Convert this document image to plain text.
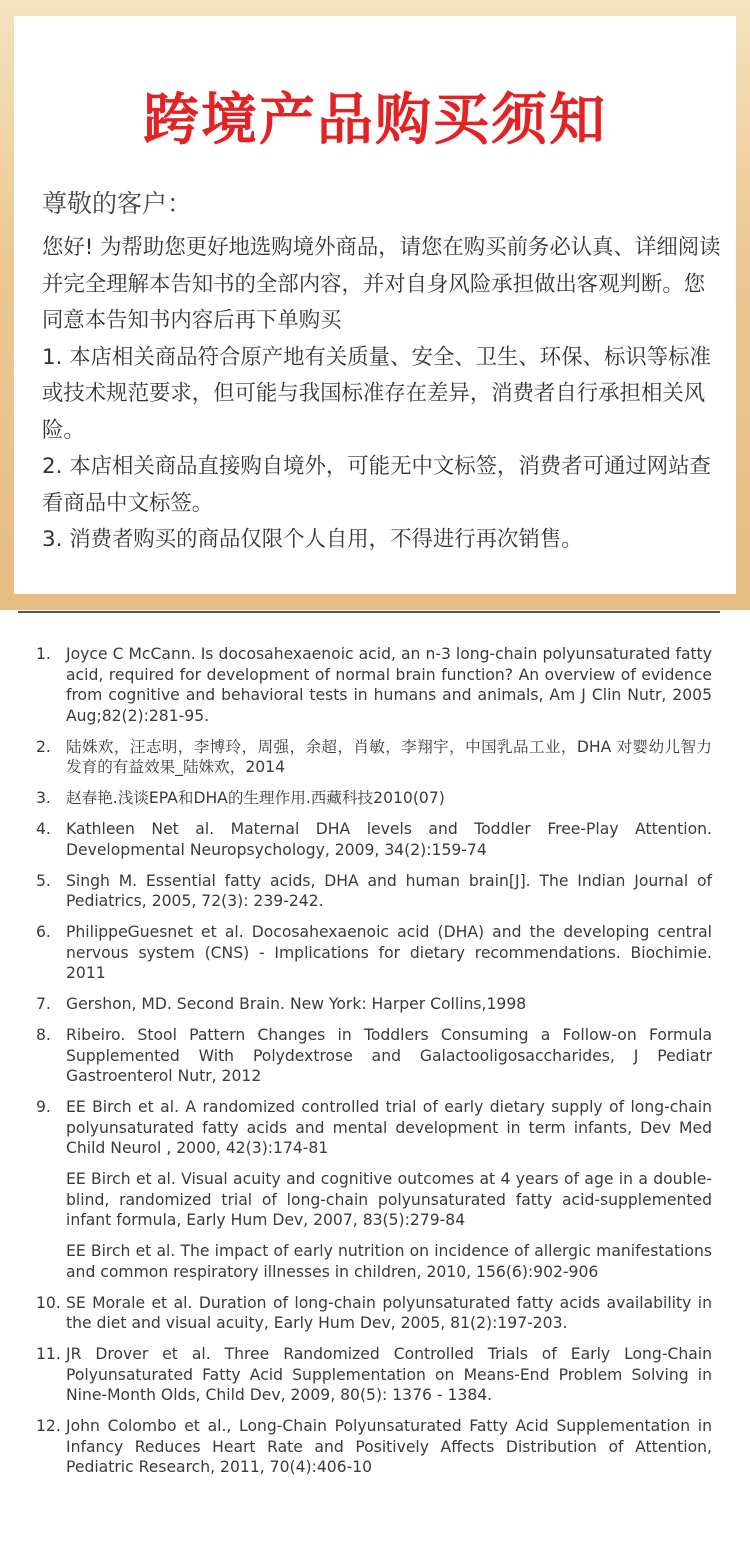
跨境产品购买须知
尊敬的客户：

您好! 为帮助您更好地选购境外商品，请您在购买前务必认真、详细阅读并完全理解本告知书的全部内容，并对自身风险承担做出客观判断。您同意本告知书内容后再下单购买

1. 本店相关商品符合原产地有关质量、安全、卫生、环保、标识等标准或技术规范要求，但可能与我国标准存在差异，消费者自行承担相关风险。

2. 本店相关商品直接购自境外，可能无中文标签，消费者可通过网站查看商品中文标签。

3. 消费者购买的商品仅限个人自用，不得进行再次销售。

1. Joyce C McCann. Is docosahexaenoic acid, an n-3 long-chain polyunsaturated fatty acid, required for development of normal brain function? An overview of evidence from cognitive and behavioral tests in humans and animals, Am J Clin Nutr, 2005 Aug;82(2):281-95.
2. 陆姝欢，汪志明，李博玲，周强，余超，肖敏，李翔宇，中国乳品工业，DHA 对婴幼儿智力发育的有益效果_陆姝欢，2014
3. 赵春艳.浅谈EPA和DHA的生理作用.西藏科技2010(07)
4. Kathleen Net al. Maternal DHA levels and Toddler Free-Play Attention. Developmental Neuropsychology, 2009, 34(2):159-74
5. Singh M. Essential fatty acids, DHA and human brain[J]. The Indian Journal of Pediatrics, 2005, 72(3): 239-242.
6. PhilippeGuesnet et al. Docosahexaenoic acid (DHA) and the developing central nervous system (CNS) - Implications for dietary recommendations. Biochimie. 2011
7. Gershon, MD. Second Brain. New York: Harper Collins,1998
8. Ribeiro. Stool Pattern Changes in Toddlers Consuming a Follow-on Formula Supplemented With Polydextrose and Galactooligosaccharides, J Pediatr Gastroenterol Nutr, 2012
9. EE Birch et al. A randomized controlled trial of early dietary supply of long-chain polyunsaturated fatty acids and mental development in term infants, Dev Med Child Neurol , 2000, 42(3):174-81
EE Birch et al. Visual acuity and cognitive outcomes at 4 years of age in a double-blind, randomized trial of long-chain polyunsaturated fatty acid-supplemented infant formula, Early Hum Dev, 2007, 83(5):279-84
EE Birch et al. The impact of early nutrition on incidence of allergic manifestations and common respiratory illnesses in children, 2010, 156(6):902-906
10. SE Morale et al. Duration of long-chain polyunsaturated fatty acids availability in the diet and visual acuity, Early Hum Dev, 2005, 81(2):197-203.
11. JR Drover et al. Three Randomized Controlled Trials of Early Long-Chain Polyunsaturated Fatty Acid Supplementation on Means-End Problem Solving in Nine-Month Olds, Child Dev, 2009, 80(5): 1376 - 1384.
12. John Colombo et al., Long-Chain Polyunsaturated Fatty Acid Supplementation in Infancy Reduces Heart Rate and Positively Affects Distribution of Attention, Pediatric Research, 2011, 70(4):406-10
